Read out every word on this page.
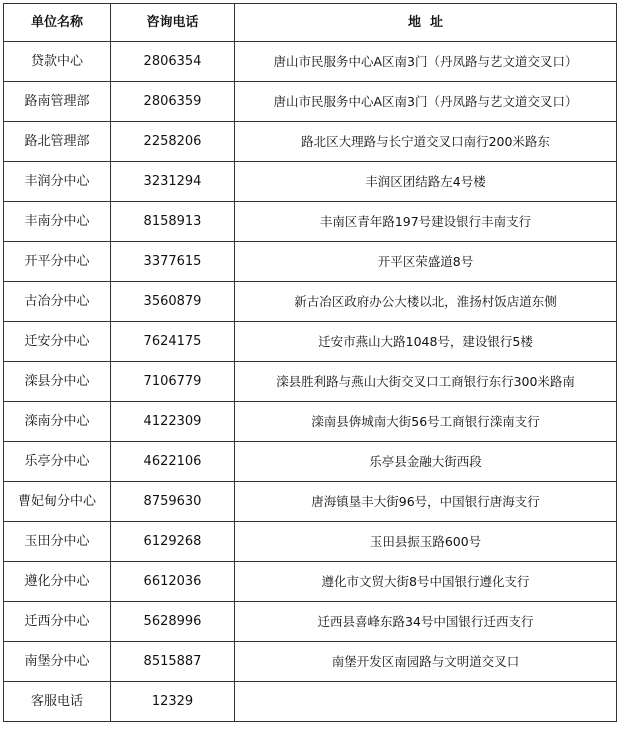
单位名称	咨询电话	地  址
贷款中心	2806354	唐山市民服务中心A区南3门（丹凤路与艺文道交叉口）
路南管理部	2806359	唐山市民服务中心A区南3门（丹凤路与艺文道交叉口）
路北管理部	2258206	路北区大理路与长宁道交叉口南行200米路东
丰润分中心	3231294	丰润区团结路左4号楼
丰南分中心	8158913	丰南区青年路197号建设银行丰南支行
开平分中心	3377615	开平区荣盛道8号
古冶分中心	3560879	新古冶区政府办公大楼以北，淮扬村饭店道东侧
迁安分中心	7624175	迁安市燕山大路1048号，建设银行5楼
滦县分中心	7106779	滦县胜利路与燕山大街交叉口工商银行东行300米路南
滦南分中心	4122309	滦南县倴城南大街56号工商银行滦南支行
乐亭分中心	4622106	乐亭县金融大街西段
曹妃甸分中心	8759630	唐海镇垦丰大街96号，中国银行唐海支行
玉田分中心	6129268	玉田县振玉路600号
遵化分中心	6612036	遵化市文贸大街8号中国银行遵化支行
迁西分中心	5628996	迁西县喜峰东路34号中国银行迁西支行
南堡分中心	8515887	南堡开发区南园路与文明道交叉口
客服电话	12329	
